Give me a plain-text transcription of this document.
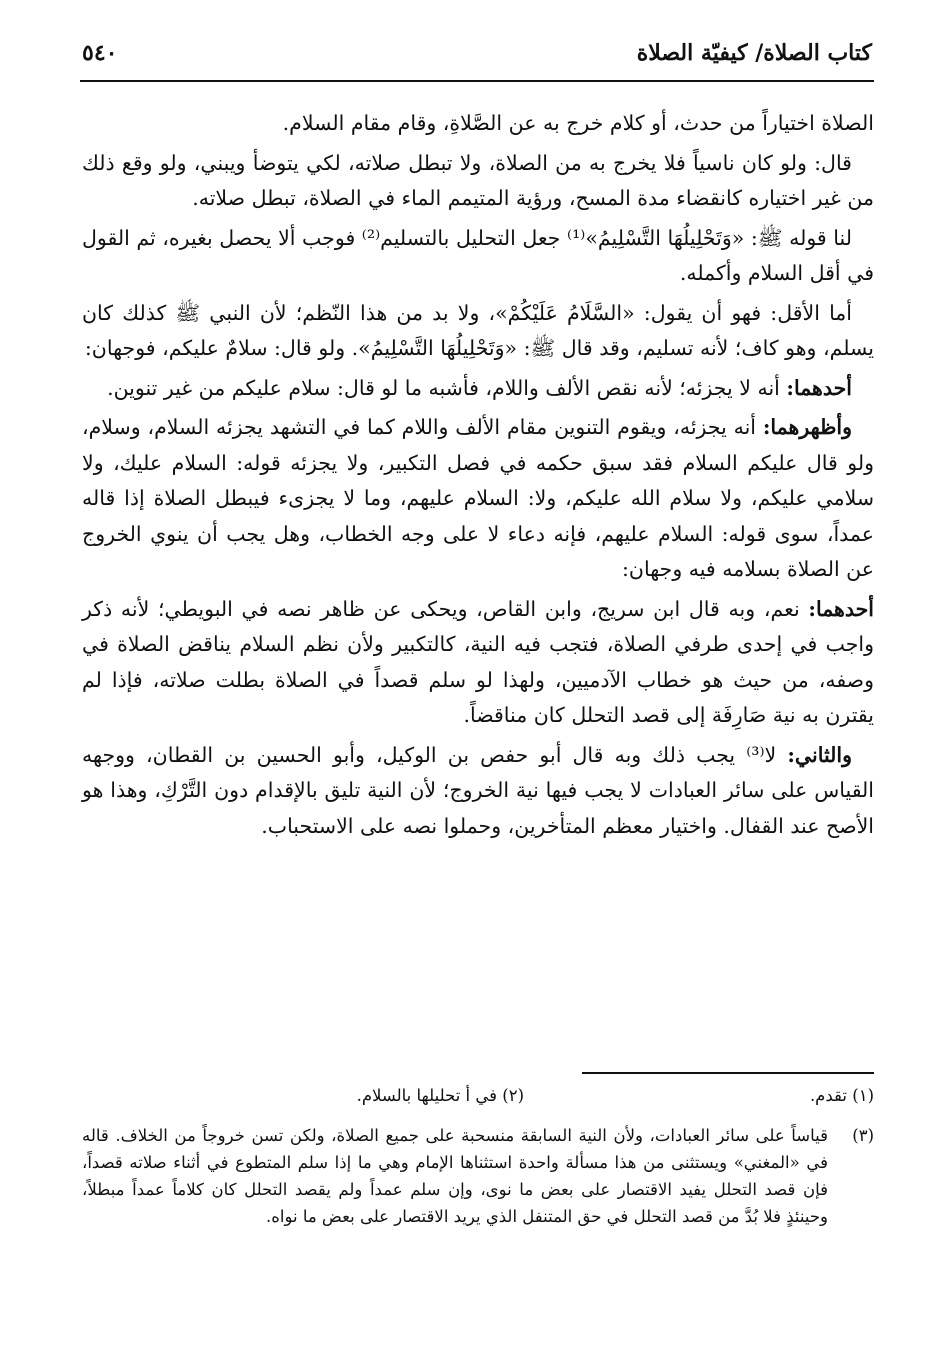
كتاب الصلاة/ كيفيّة الصلاة
٥٤٠

الصلاة اختياراً من حدث، أو كلام خرج به عن الصَّلاةِ، وقام مقام السلام.

قال: ولو كان ناسياً فلا يخرج به من الصلاة، ولا تبطل صلاته، لكي يتوضأ ويبني، ولو وقع ذلك من غير اختياره كانقضاء مدة المسح، ورؤية المتيمم الماء في الصلاة، تبطل صلاته.

لنا قوله ﷺ: «وَتَحْلِيلُهَا التَّسْلِيمُ»⁽¹⁾ جعل التحليل بالتسليم⁽²⁾ فوجب ألا يحصل بغيره، ثم القول في أقل السلام وأكمله.

أما الأقل: فهو أن يقول: «السَّلَامُ عَلَيْكُمْ»، ولا بد من هذا النّظم؛ لأن النبي ﷺ كذلك كان يسلم، وهو كاف؛ لأنه تسليم، وقد قال ﷺ: «وَتَحْلِيلُهَا التَّسْلِيمُ». ولو قال: سلامٌ عليكم، فوجهان:

أحدهما: أنه لا يجزئه؛ لأنه نقص الألف واللام، فأشبه ما لو قال: سلام عليكم من غير تنوين.

وأظهرهما: أنه يجزئه، ويقوم التنوين مقام الألف واللام كما في التشهد يجزئه السلام، وسلام، ولو قال عليكم السلام فقد سبق حكمه في فصل التكبير، ولا يجزئه قوله: السلام عليك، ولا سلامي عليكم، ولا سلام الله عليكم، ولا: السلام عليهم، وما لا يجزىء فيبطل الصلاة إذا قاله عمداً، سوى قوله: السلام عليهم، فإنه دعاء لا على وجه الخطاب، وهل يجب أن ينوي الخروج عن الصلاة بسلامه فيه وجهان:

أحدهما: نعم، وبه قال ابن سريج، وابن القاص، ويحكى عن ظاهر نصه في البويطي؛ لأنه ذكر واجب في إحدى طرفي الصلاة، فتجب فيه النية، كالتكبير ولأن نظم السلام يناقض الصلاة في وصفه، من حيث هو خطاب الآدميين، ولهذا لو سلم قصداً في الصلاة بطلت صلاته، فإذا لم يقترن به نية صَارِفَة إلى قصد التحلل كان مناقضاً.

والثاني: لا⁽³⁾ يجب ذلك وبه قال أبو حفص بن الوكيل، وأبو الحسين بن القطان، ووجهه القياس على سائر العبادات لا يجب فيها نية الخروج؛ لأن النية تليق بالإقدام دون التَّرْكِ، وهذا هو الأصح عند القفال. واختيار معظم المتأخرين، وحملوا نصه على الاستحباب.

(١) تقدم.
(٢) في أ تحليلها بالسلام.
(٣)
قياساً على سائر العبادات، ولأن النية السابقة منسحبة على جميع الصلاة، ولكن تسن خروجاً من الخلاف. قاله في «المغني» ويستثنى من هذا مسألة واحدة استثناها الإمام وهي ما إذا سلم المتطوع في أثناء صلاته قصداً، فإن قصد التحلل يفيد الاقتصار على بعض ما نوى، وإن سلم عمداً ولم يقصد التحلل كان كلاماً عمداً مبطلاً، وحينئذٍ فلا بُدَّ من قصد التحلل في حق المتنفل الذي يريد الاقتصار على بعض ما نواه.
